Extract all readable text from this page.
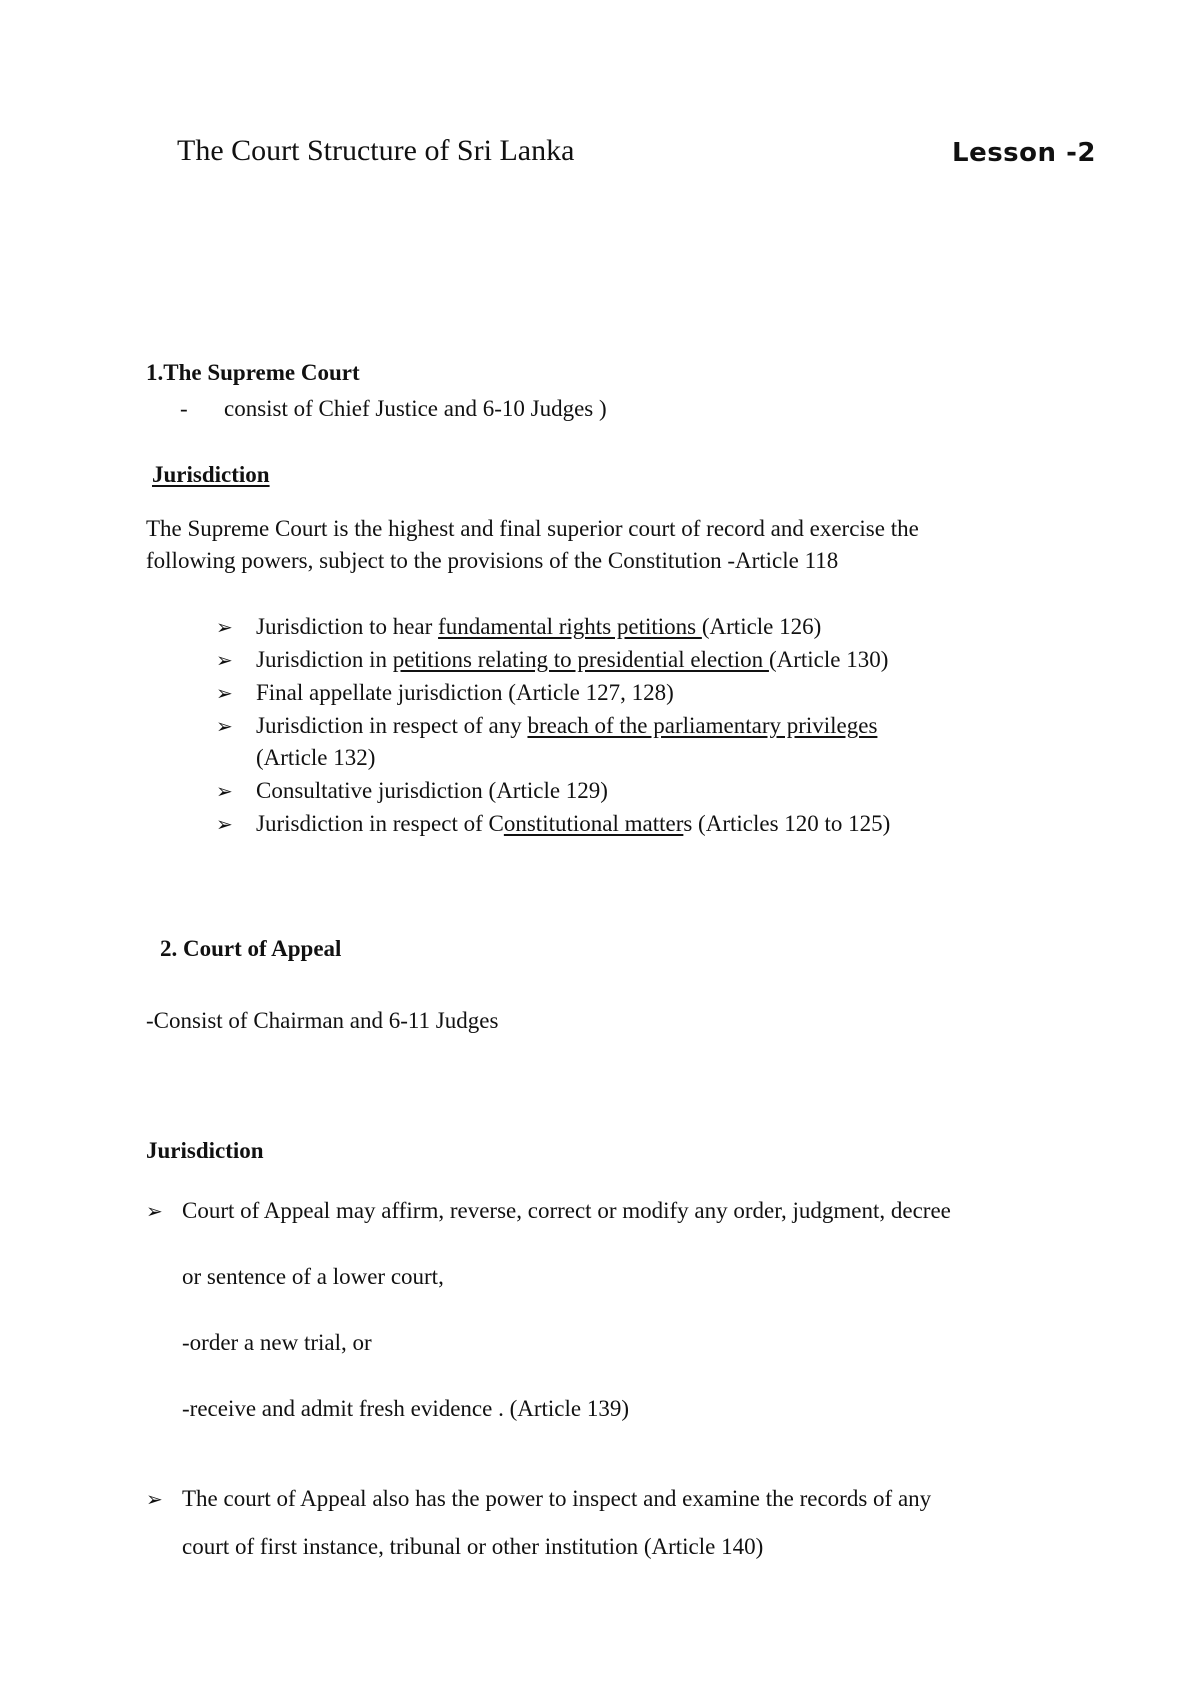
The Court Structure of Sri Lanka	Lesson -2
1.The Supreme Court
- consist of Chief Justice and 6-10 Judges )
Jurisdiction
The Supreme Court is the highest and final superior court of record and exercise the
following powers, subject to the provisions of the Constitution -Article 118
➢ Jurisdiction to hear fundamental rights petitions (Article 126)
➢ Jurisdiction in petitions relating to presidential election (Article 130)
➢ Final appellate jurisdiction (Article 127, 128)
➢ Jurisdiction in respect of any breach of the parliamentary privileges
(Article 132)
➢ Consultative jurisdiction (Article 129)
➢ Jurisdiction in respect of Constitutional matters (Articles 120 to 125)
2. Court of Appeal
-Consist of Chairman and 6-11 Judges
Jurisdiction
➢ Court of Appeal may affirm, reverse, correct or modify any order, judgment, decree
or sentence of a lower court,
-order a new trial, or
-receive and admit fresh evidence . (Article 139)
➢ The court of Appeal also has the power to inspect and examine the records of any
court of first instance, tribunal or other institution (Article 140)
